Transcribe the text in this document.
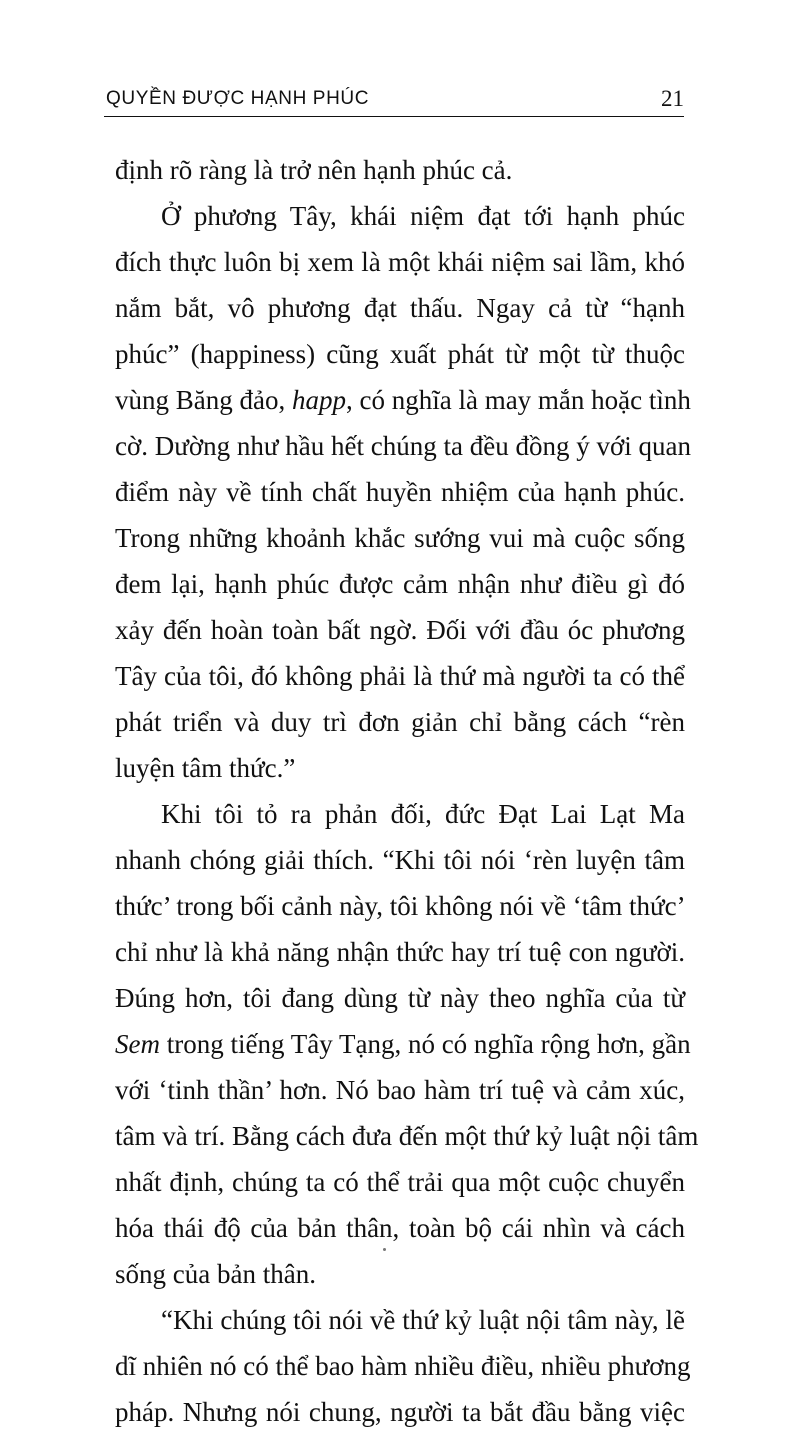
QUYỀN ĐƯỢC HẠNH PHÚC	21
định rõ ràng là trở nên hạnh phúc cả.
Ở phương Tây, khái niệm đạt tới hạnh phúc
đích thực luôn bị xem là một khái niệm sai lầm, khó
nắm bắt, vô phương đạt thấu. Ngay cả từ “hạnh
phúc” (happiness) cũng xuất phát từ một từ thuộc
vùng Băng đảo, happ, có nghĩa là may mắn hoặc tình
cờ. Dường như hầu hết chúng ta đều đồng ý với quan
điểm này về tính chất huyền nhiệm của hạnh phúc.
Trong những khoảnh khắc sướng vui mà cuộc sống
đem lại, hạnh phúc được cảm nhận như điều gì đó
xảy đến hoàn toàn bất ngờ. Đối với đầu óc phương
Tây của tôi, đó không phải là thứ mà người ta có thể
phát triển và duy trì đơn giản chỉ bằng cách “rèn
luyện tâm thức.”
Khi tôi tỏ ra phản đối, đức Đạt Lai Lạt Ma
nhanh chóng giải thích. “Khi tôi nói ‘rèn luyện tâm
thức’ trong bối cảnh này, tôi không nói về ‘tâm thức’
chỉ như là khả năng nhận thức hay trí tuệ con người.
Đúng hơn, tôi đang dùng từ này theo nghĩa của từ
Sem trong tiếng Tây Tạng, nó có nghĩa rộng hơn, gần
với ‘tinh thần’ hơn. Nó bao hàm trí tuệ và cảm xúc,
tâm và trí. Bằng cách đưa đến một thứ kỷ luật nội tâm
nhất định, chúng ta có thể trải qua một cuộc chuyển
hóa thái độ của bản thân, toàn bộ cái nhìn và cách
sống của bản thân.
“Khi chúng tôi nói về thứ kỷ luật nội tâm này, lẽ
dĩ nhiên nó có thể bao hàm nhiều điều, nhiều phương
pháp. Nhưng nói chung, người ta bắt đầu bằng việc
